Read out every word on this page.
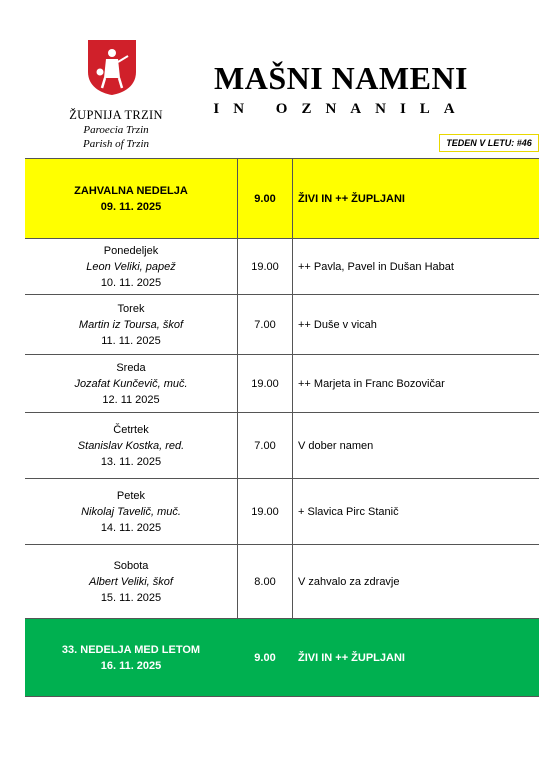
ŽUPNIJA TRZIN
Paroecia Trzin
Parish of Trzin
MAŠNI NAMENI
IN OZNANILA
TEDEN V LETU: #46
ZAHVALNA NEDELJA
09. 11. 2025	9.00	ŽIVI IN ++ ŽUPLJANI

Ponedeljek
Leon Veliki, papež
10. 11. 2025	19.00	++ Pavla, Pavel in Dušan Habat

Torek
Martin iz Toursa, škof
11. 11. 2025	7.00	++ Duše v vicah

Sreda
Jozafat Kunčevič, muč.
12. 11 2025	19.00	++ Marjeta in Franc Bozovičar

Četrtek
Stanislav Kostka, red.
13. 11. 2025	7.00	V dober namen

Petek
Nikolaj Tavelič, muč.
14. 11. 2025	19.00	+ Slavica Pirc Stanič

Sobota
Albert Veliki, škof
15. 11. 2025	8.00	V zahvalo za zdravje

33. NEDELJA MED LETOM
16. 11. 2025	9.00	ŽIVI IN ++ ŽUPLJANI
